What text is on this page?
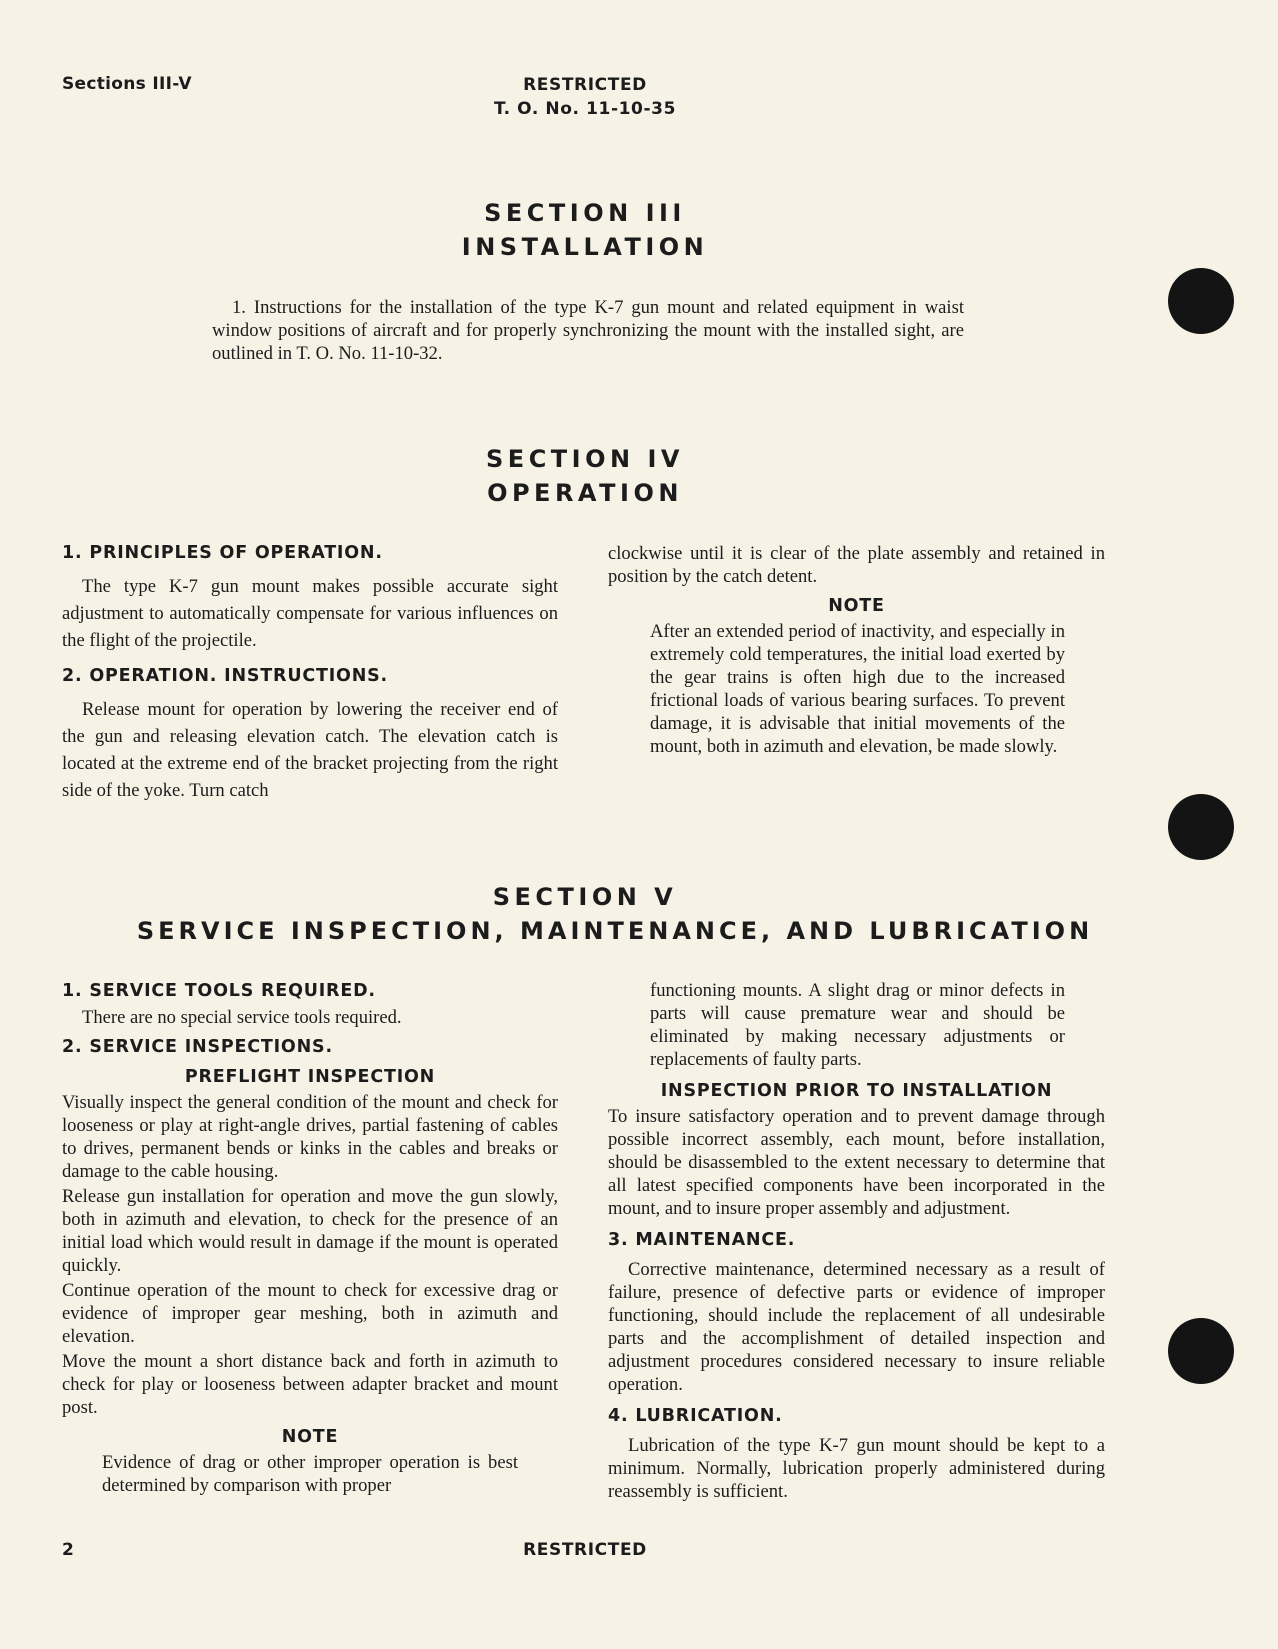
Sections III-V	RESTRICTED
T. O. No. 11-10-35
SECTION III
INSTALLATION
1. Instructions for the installation of the type K-7 gun mount and related equipment in waist window positions of aircraft and for properly synchronizing the mount with the installed sight, are outlined in T. O. No. 11-10-32.
SECTION IV
OPERATION
1. PRINCIPLES OF OPERATION.
The type K-7 gun mount makes possible accurate sight adjustment to automatically compensate for various influences on the flight of the projectile.
2. OPERATION. INSTRUCTIONS.
Release mount for operation by lowering the receiver end of the gun and releasing elevation catch. The elevation catch is located at the extreme end of the bracket projecting from the right side of the yoke. Turn catch
clockwise until it is clear of the plate assembly and retained in position by the catch detent.
NOTE
After an extended period of inactivity, and especially in extremely cold temperatures, the initial load exerted by the gear trains is often high due to the increased frictional loads of various bearing surfaces. To prevent damage, it is advisable that initial movements of the mount, both in azimuth and elevation, be made slowly.
SECTION V
SERVICE INSPECTION, MAINTENANCE, AND LUBRICATION
1. SERVICE TOOLS REQUIRED.
There are no special service tools required.
2. SERVICE INSPECTIONS.
PREFLIGHT INSPECTION
Visually inspect the general condition of the mount and check for looseness or play at right-angle drives, partial fastening of cables to drives, permanent bends or kinks in the cables and breaks or damage to the cable housing.
Release gun installation for operation and move the gun slowly, both in azimuth and elevation, to check for the presence of an initial load which would result in damage if the mount is operated quickly.
Continue operation of the mount to check for excessive drag or evidence of improper gear meshing, both in azimuth and elevation.
Move the mount a short distance back and forth in azimuth to check for play or looseness between adapter bracket and mount post.
NOTE
Evidence of drag or other improper operation is best determined by comparison with proper
functioning mounts. A slight drag or minor defects in parts will cause premature wear and should be eliminated by making necessary adjustments or replacements of faulty parts.
INSPECTION PRIOR TO INSTALLATION
To insure satisfactory operation and to prevent damage through possible incorrect assembly, each mount, before installation, should be disassembled to the extent necessary to determine that all latest specified components have been incorporated in the mount, and to insure proper assembly and adjustment.
3. MAINTENANCE.
Corrective maintenance, determined necessary as a result of failure, presence of defective parts or evidence of improper functioning, should include the replacement of all undesirable parts and the accomplishment of detailed inspection and adjustment procedures considered necessary to insure reliable operation.
4. LUBRICATION.
Lubrication of the type K-7 gun mount should be kept to a minimum. Normally, lubrication properly administered during reassembly is sufficient.
2	RESTRICTED
